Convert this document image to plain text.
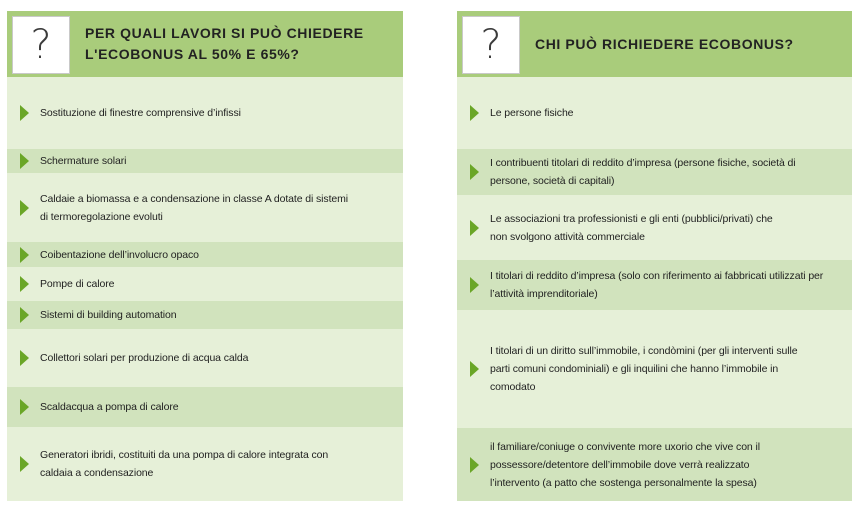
? PER QUALI LAVORI SI PUÒ CHIEDERE
L'ECOBONUS AL 50% E 65%?
Sostituzione di finestre comprensive d’infissi
Schermature solari
Caldaie a biomassa e a condensazione in classe A dotate di sistemi di termoregolazione evoluti
Coibentazione dell’involucro opaco
Pompe di calore
Sistemi di building automation
Collettori solari per produzione di acqua calda
Scaldacqua a pompa di calore
Generatori ibridi, costituiti da una pompa di calore integrata con caldaia a condensazione
? CHI PUÒ RICHIEDERE ECOBONUS?
Le persone fisiche
I contribuenti titolari di reddito d’impresa (persone fisiche, società di persone, società di capitali)
Le associazioni tra professionisti e gli enti (pubblici/privati) che non svolgono attività commerciale
I titolari di reddito d’impresa (solo con riferimento ai fabbricati utilizzati per l’attività imprenditoriale)
I titolari di un diritto sull’immobile, i condòmini (per gli interventi sulle parti comuni condominiali) e gli inquilini che hanno l’immobile in comodato
il familiare/coniuge o convivente more uxorio che vive con il possessore/detentore dell’immobile dove verrà realizzato l’intervento (a patto che sostenga personalmente la spesa)
